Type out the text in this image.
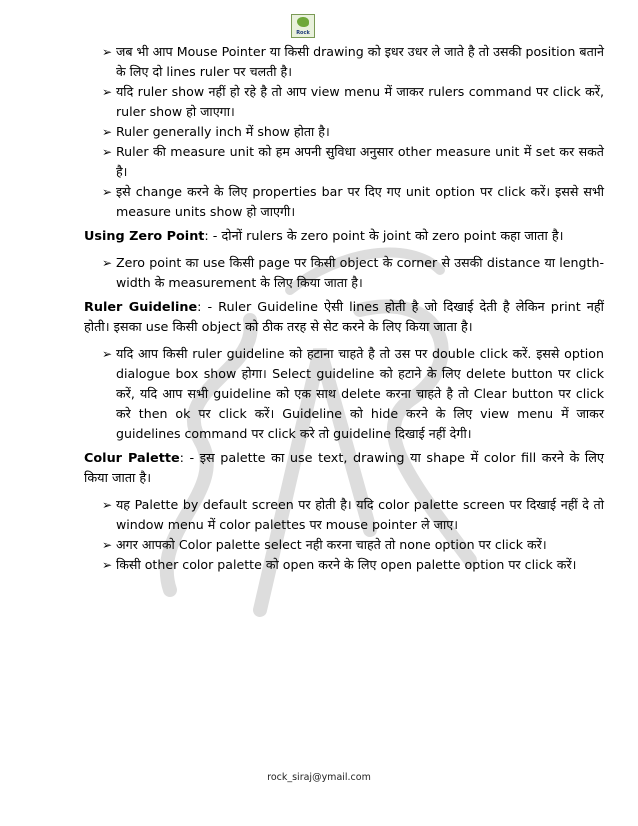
Rock
➢ जब भी आप Mouse Pointer या किसी drawing को इधर उधर ले जाते है तो उसकी position बताने के लिए दो lines ruler पर चलती है।
➢ यदि ruler show नहीं हो रहे है तो आप view menu में जाकर rulers command पर click करें, ruler show हो जाएगा।
➢ Ruler generally inch में show होता है।
➢ Ruler की measure unit को हम अपनी सुविधा अनुसार other measure unit में set कर सकते है।
➢ इसे change करने के लिए properties bar पर दिए गए unit option पर click करें। इससे सभी measure units show हो जाएगी।
Using Zero Point: - दोनों rulers के zero point के joint को zero point कहा जाता है।
➢ Zero point का use किसी page पर किसी object के corner से उसकी distance या length-width के measurement के लिए किया जाता है।
Ruler Guideline: - Ruler Guideline ऐसी lines होती है जो दिखाई देती है लेकिन print नहीं होती। इसका use किसी object को ठीक तरह से सेट करने के लिए किया जाता है।
➢ यदि आप किसी ruler guideline को हटाना चाहते है तो उस पर double click करें. इससे option dialogue box show होगा। Select guideline को हटाने के लिए delete button पर click करें, यदि आप सभी guideline को एक साथ delete करना चाहते है तो Clear button पर click करे then ok पर click करें। Guideline को hide करने के लिए view menu में जाकर guidelines command पर click करे तो guideline दिखाई नहीं देगी।
Colur Palette: - इस palette का use text, drawing या shape में color fill करने के लिए किया जाता है।
➢ यह Palette by default screen पर होती है। यदि color palette screen पर दिखाई नहीं दे तो window menu में color palettes पर mouse pointer ले जाए।
➢ अगर आपको Color palette select नही करना चाहते तो none option पर click करें।
➢ किसी other color palette को open करने के लिए open palette option पर click करें।
rock_siraj@ymail.com
